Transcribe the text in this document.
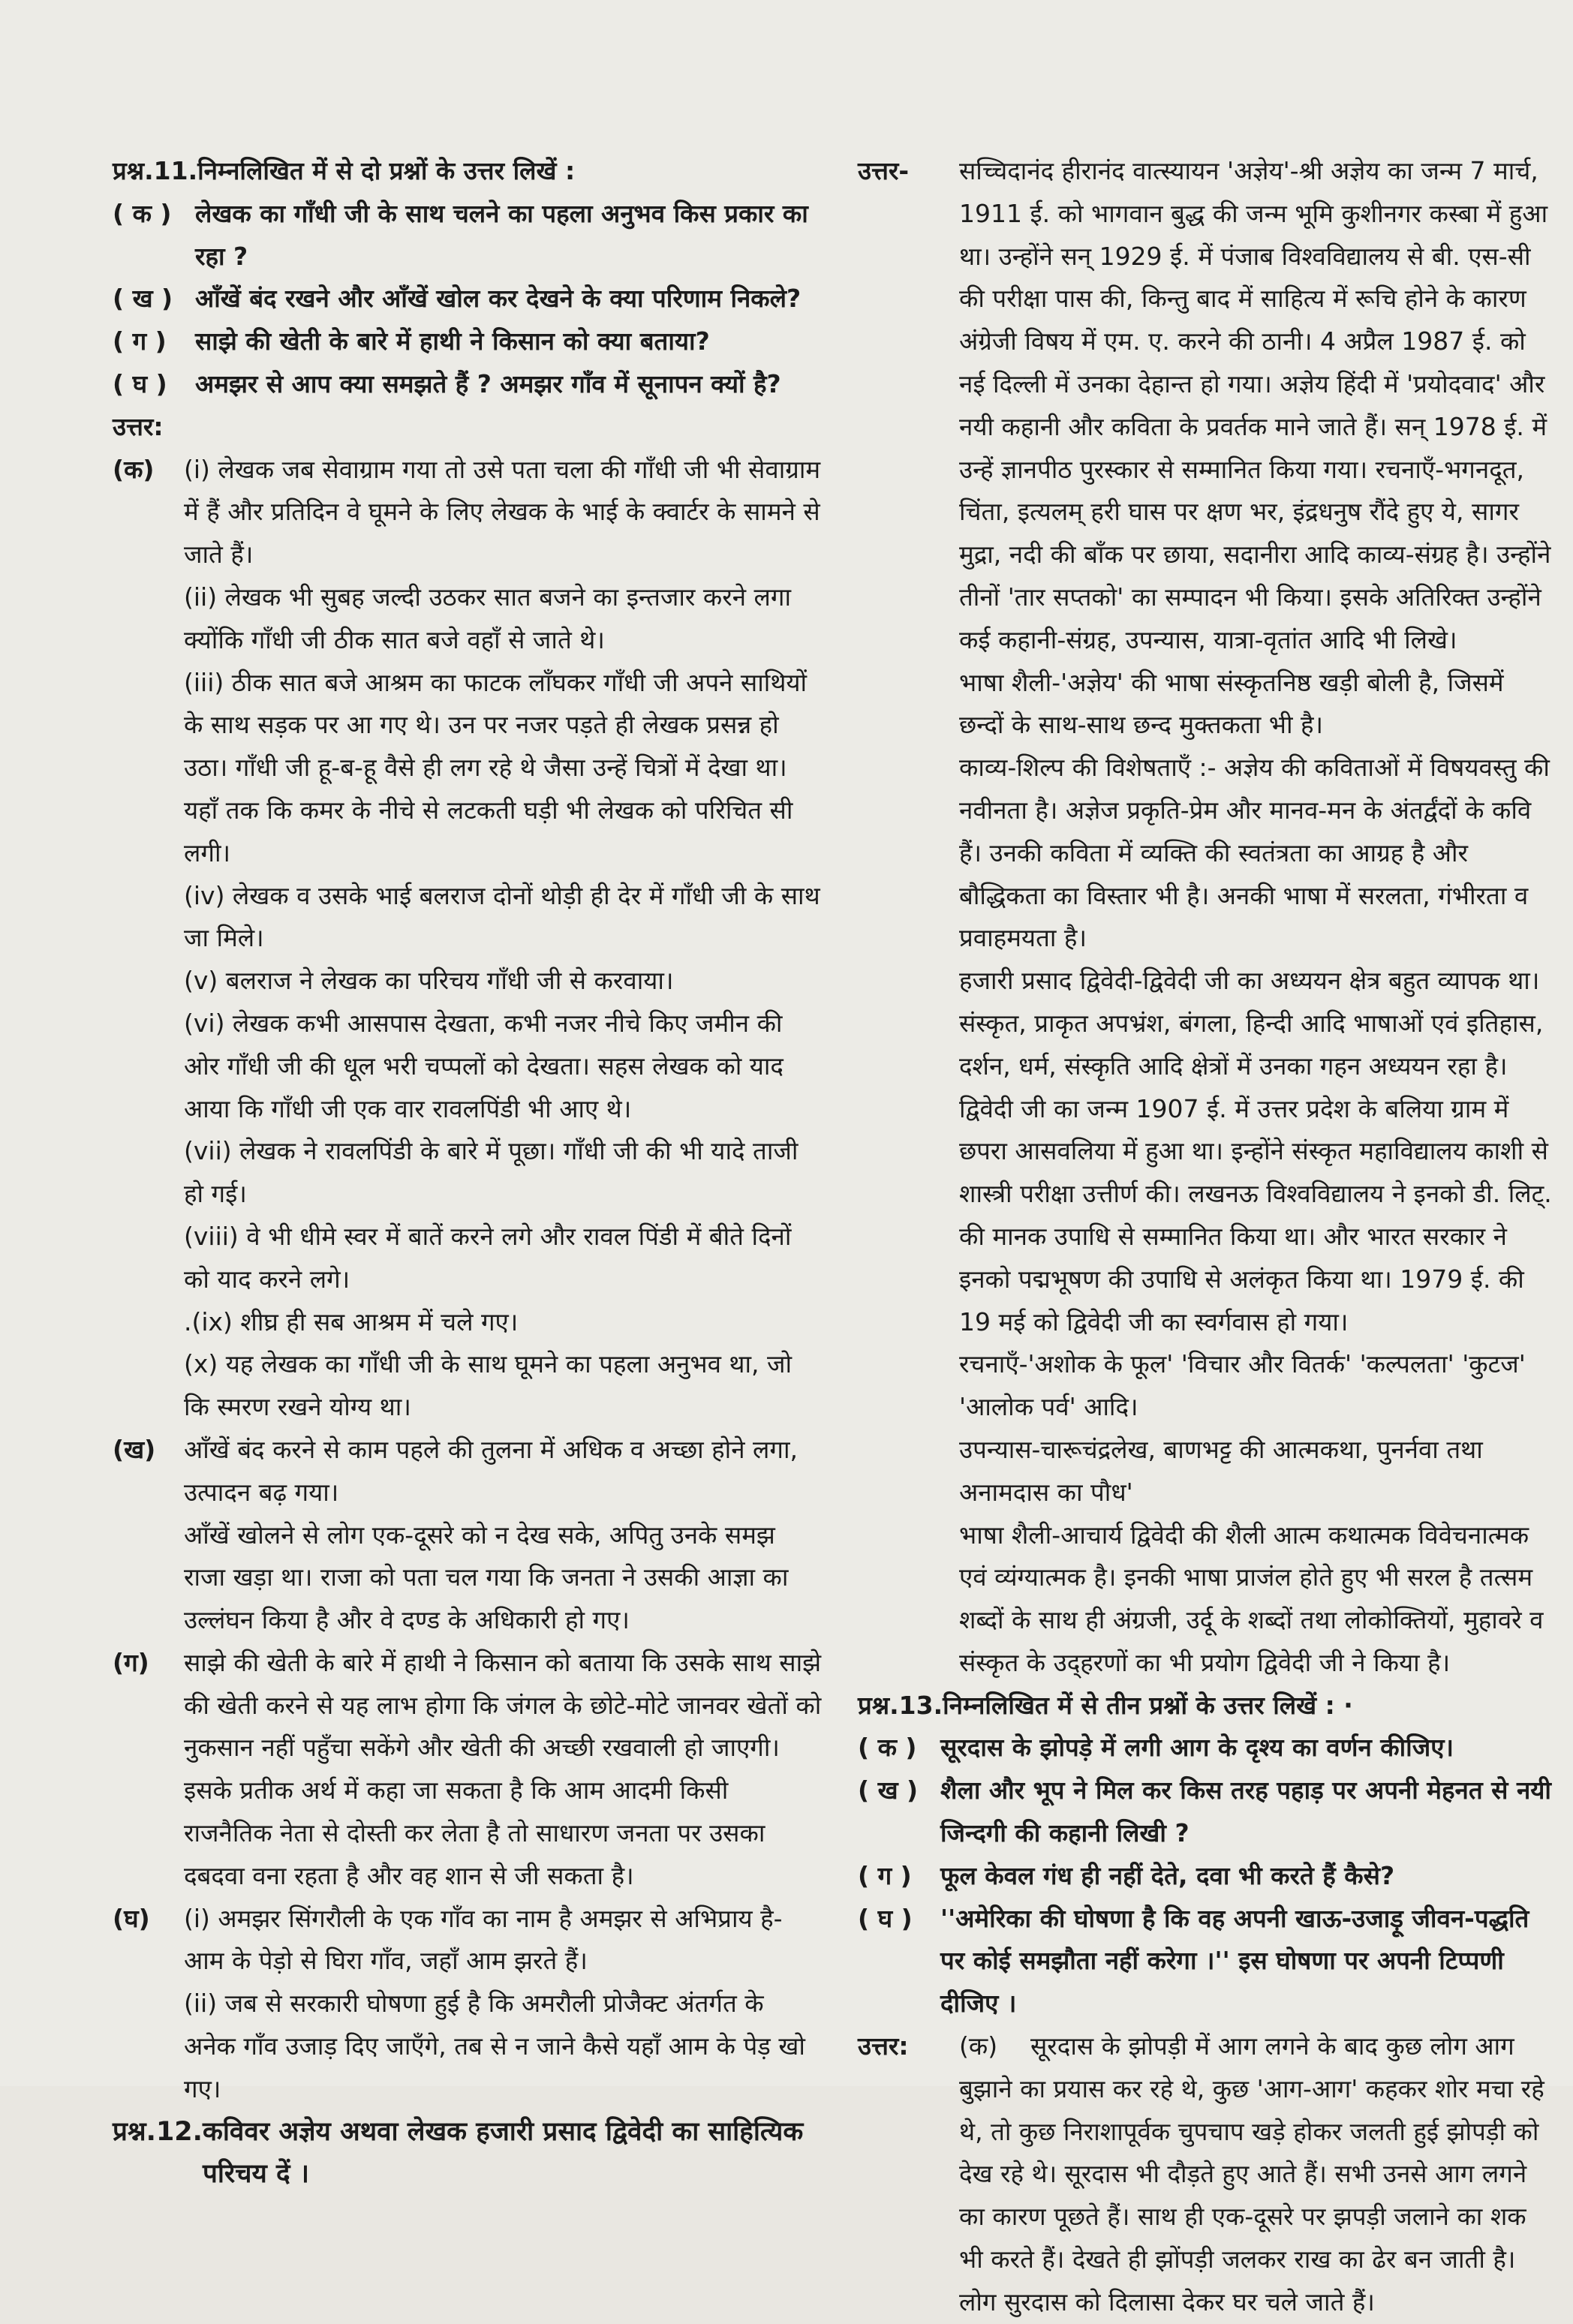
प्रश्न.11.निम्नलिखित में से दो प्रश्नों के उत्तर लिखें :
( क ) लेखक का गाँधी जी के साथ चलने का पहला अनुभव किस प्रकार का रहा ?
( ख ) आँखें बंद रखने और आँखें खोल कर देखने के क्या परिणाम निकले?
( ग )	साझे की खेती के बारे में हाथी ने किसान को क्या बताया?
( घ )	अमझर से आप क्या समझते हैं ? अमझर गाँव में सूनापन क्यों है?
उत्तर:
(क)	(i) लेखक जब सेवाग्राम गया तो उसे पता चला की गाँधी जी भी सेवाग्राम में हैं और प्रतिदिन वे घूमने के लिए लेखक के भाई के क्वार्टर के सामने से जाते हैं।
(ii) लेखक भी सुबह जल्दी उठकर सात बजने का इन्तजार करने लगा क्योंकि गाँधी जी ठीक सात बजे वहाँ से जाते थे।
(iii) ठीक सात बजे आश्रम का फाटक लाँघकर गाँधी जी अपने साथियों के साथ सड़क पर आ गए थे। उन पर नजर पड़ते ही लेखक प्रसन्न हो उठा। गाँधी जी हू-ब-हू वैसे ही लग रहे थे जैसा उन्हें चित्रों में देखा था। यहाँ तक कि कमर के नीचे से लटकती घड़ी भी लेखक को परिचित सी लगी।
(iv) लेखक व उसके भाई बलराज दोनों थोड़ी ही देर में गाँधी जी के साथ जा मिले।
(v) बलराज ने लेखक का परिचय गाँधी जी से करवाया।
(vi) लेखक कभी आसपास देखता, कभी नजर नीचे किए जमीन की ओर गाँधी जी की धूल भरी चप्पलों को देखता। सहस लेखक को याद आया कि गाँधी जी एक वार रावलपिंडी भी आए थे।
(vii) लेखक ने रावलपिंडी के बारे में पूछा। गाँधी जी की भी यादे ताजी हो गई।
(viii) वे भी धीमे स्वर में बातें करने लगे और रावल पिंडी में बीते दिनों को याद करने लगे।
.(ix) शीघ्र ही सब आश्रम में चले गए।
(x) यह लेखक का गाँधी जी के साथ घूमने का पहला अनुभव था, जो कि स्मरण रखने योग्य था।
(ख)	आँखें बंद करने से काम पहले की तुलना में अधिक व अच्छा होने लगा, उत्पादन बढ़ गया।
आँखें खोलने से लोग एक-दूसरे को न देख सके, अपितु उनके समझ राजा खड़ा था। राजा को पता चल गया कि जनता ने उसकी आज्ञा का उल्लंघन किया है और वे दण्ड के अधिकारी हो गए।
(ग)	साझे की खेती के बारे में हाथी ने किसान को बताया कि उसके साथ साझे की खेती करने से यह लाभ होगा कि जंगल के छोटे-मोटे जानवर खेतों को नुकसान नहीं पहुँचा सकेंगे और खेती की अच्छी रखवाली हो जाएगी।
इसके प्रतीक अर्थ में कहा जा सकता है कि आम आदमी किसी राजनैतिक नेता से दोस्ती कर लेता है तो साधारण जनता पर उसका दबदवा वना रहता है और वह शान से जी सकता है।
(घ)	(i) अमझर सिंगरौली के एक गाँव का नाम है अमझर से अभिप्राय है-आम के पेड़ो से घिरा गाँव, जहाँ आम झरते हैं।
(ii) जब से सरकारी घोषणा हुई है कि अमरौली प्रोजैक्ट अंतर्गत के अनेक गाँव उजाड़ दिए जाएँगे, तब से न जाने कैसे यहाँ आम के पेड़ खो गए।
प्रश्न.12. कविवर अज्ञेय अथवा लेखक हजारी प्रसाद द्विवेदी का साहित्यिक परिचय दें ।
उत्तर-	सच्चिदानंद हीरानंद वात्स्यायन 'अज्ञेय'-श्री अज्ञेय का जन्म 7 मार्च, 1911 ई. को भागवान बुद्ध की जन्म भूमि कुशीनगर कस्बा में हुआ था। उन्होंने सन् 1929 ई. में पंजाब विश्वविद्यालय से बी. एस-सी की परीक्षा पास की, किन्तु बाद में साहित्य में रूचि होने के कारण अंग्रेजी विषय में एम. ए. करने की ठानी। 4 अप्रैल 1987 ई. को नई दिल्ली में उनका देहान्त हो गया। अज्ञेय हिंदी में 'प्रयोदवाद' और नयी कहानी और कविता के प्रवर्तक माने जाते हैं। सन् 1978 ई. में उन्हें ज्ञानपीठ पुरस्कार से सम्मानित किया गया। रचनाएँ-भगनदूत, चिंता, इत्यलम् हरी घास पर क्षण भर, इंद्रधनुष रौंदे हुए ये, सागर मुद्रा, नदी की बाँक पर छाया, सदानीरा आदि काव्य-संग्रह है। उन्होंने तीनों 'तार सप्तको' का सम्पादन भी किया। इसके अतिरिक्त उन्होंने कई कहानी-संग्रह, उपन्यास, यात्रा-वृतांत आदि भी लिखे।
भाषा शैली-'अज्ञेय' की भाषा संस्कृतनिष्ठ खड़ी बोली है, जिसमें छन्दों के साथ-साथ छन्द मुक्तकता भी है।
काव्य-शिल्प की विशेषताएँ :- अज्ञेय की कविताओं में विषयवस्तु की नवीनता है। अज्ञेज प्रकृति-प्रेम और मानव-मन के अंतर्द्वंदों के कवि हैं। उनकी कविता में व्यक्ति की स्वतंत्रता का आग्रह है और बौद्धिकता का विस्तार भी है। अनकी भाषा में सरलता, गंभीरता व प्रवाहमयता है।
हजारी प्रसाद द्विवेदी-द्विवेदी जी का अध्ययन क्षेत्र बहुत व्यापक था। संस्कृत, प्राकृत अपभ्रंश, बंगला, हिन्दी आदि भाषाओं एवं इतिहास, दर्शन, धर्म, संस्कृति आदि क्षेत्रों में उनका गहन अध्ययन रहा है। द्विवेदी जी का जन्म 1907 ई. में उत्तर प्रदेश के बलिया ग्राम में छपरा आसवलिया में हुआ था। इन्होंने संस्कृत महाविद्यालय काशी से शास्त्री परीक्षा उत्तीर्ण की। लखनऊ विश्वविद्यालय ने इनको डी. लिट्. की मानक उपाधि से सम्मानित किया था। और भारत सरकार ने इनको पद्मभूषण की उपाधि से अलंकृत किया था। 1979 ई. की 19 मई को द्विवेदी जी का स्वर्गवास हो गया।
रचनाएँ-'अशोक के फूल' 'विचार और वितर्क' 'कल्पलता' 'कुटज' 'आलोक पर्व' आदि।
उपन्यास-चारूचंद्रलेख, बाणभट्ट की आत्मकथा, पुनर्नवा तथा अनामदास का पौध'
भाषा शैली-आचार्य द्विवेदी की शैली आत्म कथात्मक विवेचनात्मक एवं व्यंग्यात्मक है। इनकी भाषा प्राजंल होते हुए भी सरल है तत्सम शब्दों के साथ ही अंग्रजी, उर्दू के शब्दों तथा लोकोक्तियों, मुहावरे व संस्कृत के उद्हरणों का भी प्रयोग द्विवेदी जी ने किया है।
प्रश्न.13.निम्नलिखित में से तीन प्रश्नों के उत्तर लिखें : ·
( क ) सूरदास के झोपड़े में लगी आग के दृश्य का वर्णन कीजिए।
( ख ) शैला और भूप ने मिल कर किस तरह पहाड़ पर अपनी मेहनत से नयी जिन्दगी की कहानी लिखी ?
( ग )	फूल केवल गंध ही नहीं देते, दवा भी करते हैं कैसे?
( घ )	''अमेरिका की घोषणा है कि वह अपनी खाऊ-उजाड़ू जीवन-पद्धति पर कोई समझौता नहीं करेगा ।'' इस घोषणा पर अपनी टिप्पणी दीजिए ।
उत्तर:	(क) सूरदास के झोपड़ी में आग लगने के बाद कुछ लोग आग बुझाने का प्रयास कर रहे थे, कुछ 'आग-आग' कहकर शोर मचा रहे थे, तो कुछ निराशापूर्वक चुपचाप खड़े होकर जलती हुई झोपड़ी को देख रहे थे। सूरदास भी दौड़ते हुए आते हैं। सभी उनसे आग लगने का कारण पूछते हैं। साथ ही एक-दूसरे पर झपड़ी जलाने का शक भी करते हैं। देखते ही झोंपड़ी जलकर राख का ढेर बन जाती है। लोग सुरदास को दिलासा देकर घर चले जाते हैं।
